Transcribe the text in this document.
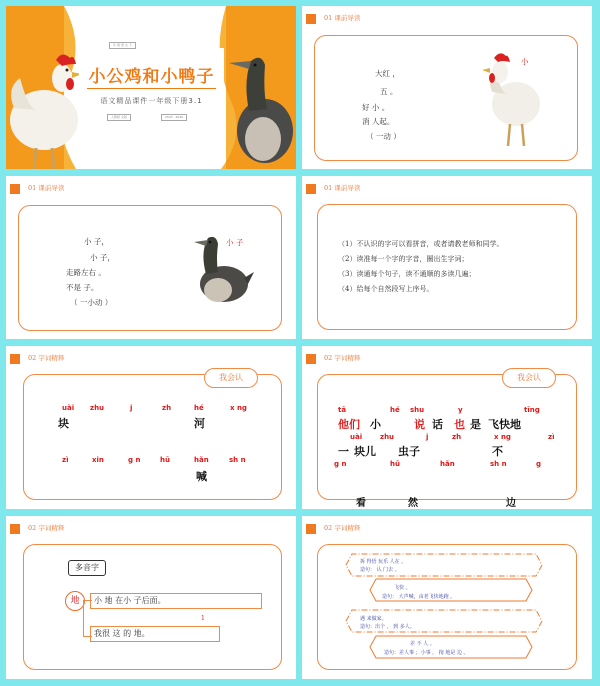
年 级 语 文 下
小公鸡和小鸭子
语文精品课件一年级下册3.1
人教版 文版	2025 · 2026
01 课前导读
大红 ，
五 。
好 小 。
消 人起。
（ 一动 ）
小
01 课前导读
小 子，
小 子，
走路左右 。
不是 子。
（ 一小动 ）
小 子
01 课前导读
（1）不认识的字可以看拼音，或者请教老师和同学。
（2）读准每一个字的字音，圈出生字词；
（3）读通每个句子，读不通顺的多读几遍；
（4）给每个自然段写上序号。
02 字词精释
我会认
uài zhu	j	zh	hé	x ng
块	河
zì	xin	g n	hū	hǎn	sh n
喊
02 字词精释
我会认
tā	hé shu	y	tīng
他们 小	说 话 也 是 飞快地
uài	zhu	j	zh	x ng	zì
一 块儿 虫子	不
g n	hū	hǎn	sh n	g
看	然	边
02 字词精释
多音字
地	小 地 在小 子后面。
1
我很 这 的 地。
02 字词精释
拆 得悟 玩乐 人在 。
造句： 认 门去 。
飞快 。
造句： 大声喊，由老飞快地跑 。
遇 来做家。
造句：出个 ， 到 多人。
差 不 人 。
造句：差人事 ；小事 ， 拖 地是 边 。
